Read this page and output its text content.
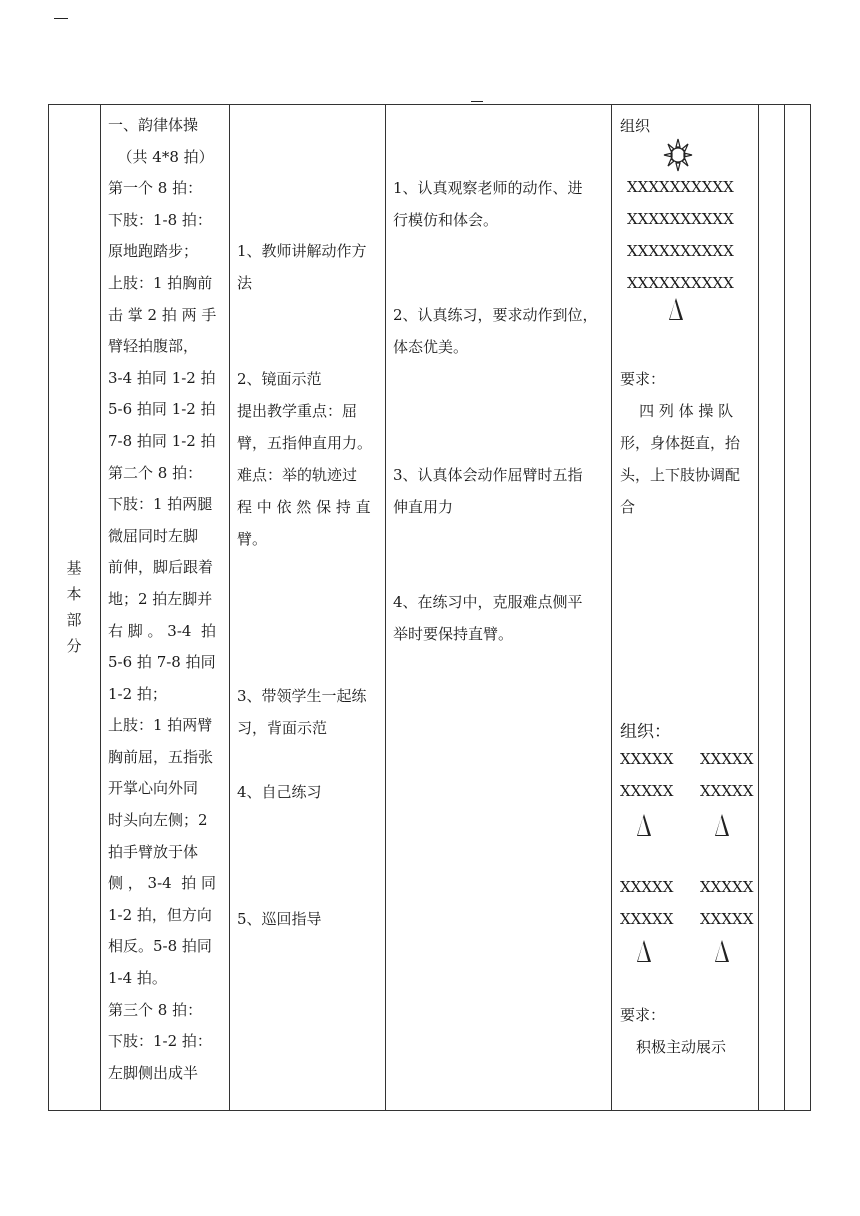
基
本
部
分
一、韵律体操
（共 4*8 拍）
第一个 8 拍：
下肢：1-8 拍：
原地跑踏步；
上肢：1 拍胸前
击 掌 2 拍 两 手
臂轻拍腹部，
3-4 拍同 1-2 拍
5-6 拍同 1-2 拍
7-8 拍同 1-2 拍
第二个 8 拍：
下肢：1 拍两腿
微屈同时左脚
前伸，脚后跟着
地；2 拍左脚并
右 脚 。 3-4  拍
5-6 拍 7-8 拍同
1-2 拍；
上肢：1 拍两臂
胸前屈，五指张
开掌心向外同
时头向左侧；2
拍手臂放于体
侧 ， 3-4  拍 同
1-2 拍，但方向
相反。5-8 拍同
1-4 拍。
第三个 8 拍：
下肢：1-2 拍：
左脚侧出成半
1、教师讲解动作方
法
2、镜面示范
提出教学重点：屈
臂，五指伸直用力。
难点：举的轨迹过
程 中 依 然 保 持 直
臂。
3、带领学生一起练
习，背面示范
4、自己练习
5、巡回指导
1、认真观察老师的动作、进
行模仿和体会。
2、认真练习，要求动作到位，
体态优美。
3、认真体会动作屈臂时五指
伸直用力
4、在练习中，克服难点侧平
举时要保持直臂。
组织
XXXXXXXXXX
XXXXXXXXXX
XXXXXXXXXX
XXXXXXXXXX
要求：
四 列 体 操 队
形，身体挺直，抬
头，上下肢协调配
合
组织：
XXXXX XXXXX
XXXXX XXXXX
XXXXX XXXXX
XXXXX XXXXX
要求：
积极主动展示
